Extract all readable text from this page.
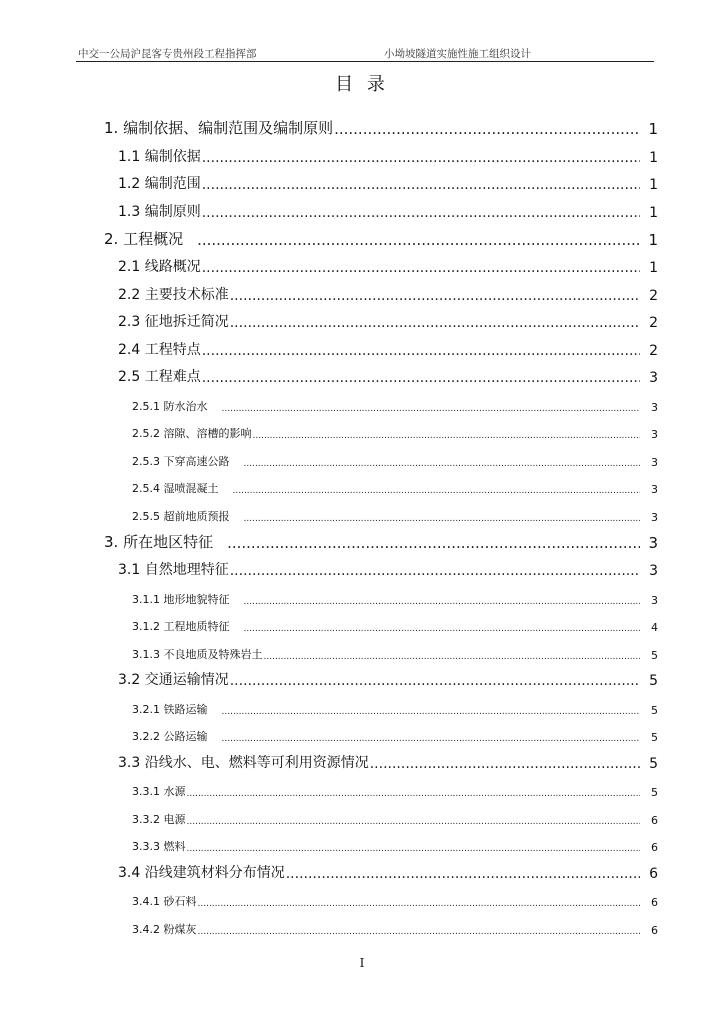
中交一公局沪昆客专贵州段工程指挥部	小坳坡隧道实施性施工组织设计
目 录
1. 编制依据、编制范围及编制原则 .....	1
1.1 编制依据 .....	1
1.2 编制范围 .....	1
1.3 编制原则 .....	1
2. 工程概况 .....	1
2.1 线路概况 .....	1
2.2 主要技术标准 .....	2
2.3 征地拆迁简况 .....	2
2.4 工程特点 .....	2
2.5 工程难点 .....	3
2.5.1 防水治水 .....	3
2.5.2 溶隙、溶槽的影响 .....	3
2.5.3 下穿高速公路 .....	3
2.5.4 湿喷混凝土 .....	3
2.5.5 超前地质预报 .....	3
3. 所在地区特征 .....	3
3.1 自然地理特征 .....	3
3.1.1 地形地貌特征 .....	3
3.1.2 工程地质特征 .....	4
3.1.3 不良地质及特殊岩土 .....	5
3.2 交通运输情况 .....	5
3.2.1 铁路运输 .....	5
3.2.2 公路运输 .....	5
3.3 沿线水、电、燃料等可利用资源情况 .....	5
3.3.1 水源 .....	5
3.3.2 电源 .....	6
3.3.3 燃料 .....	6
3.4 沿线建筑材料分布情况 .....	6
3.4.1 砂石料 .....	6
3.4.2 粉煤灰 .....	6
I
